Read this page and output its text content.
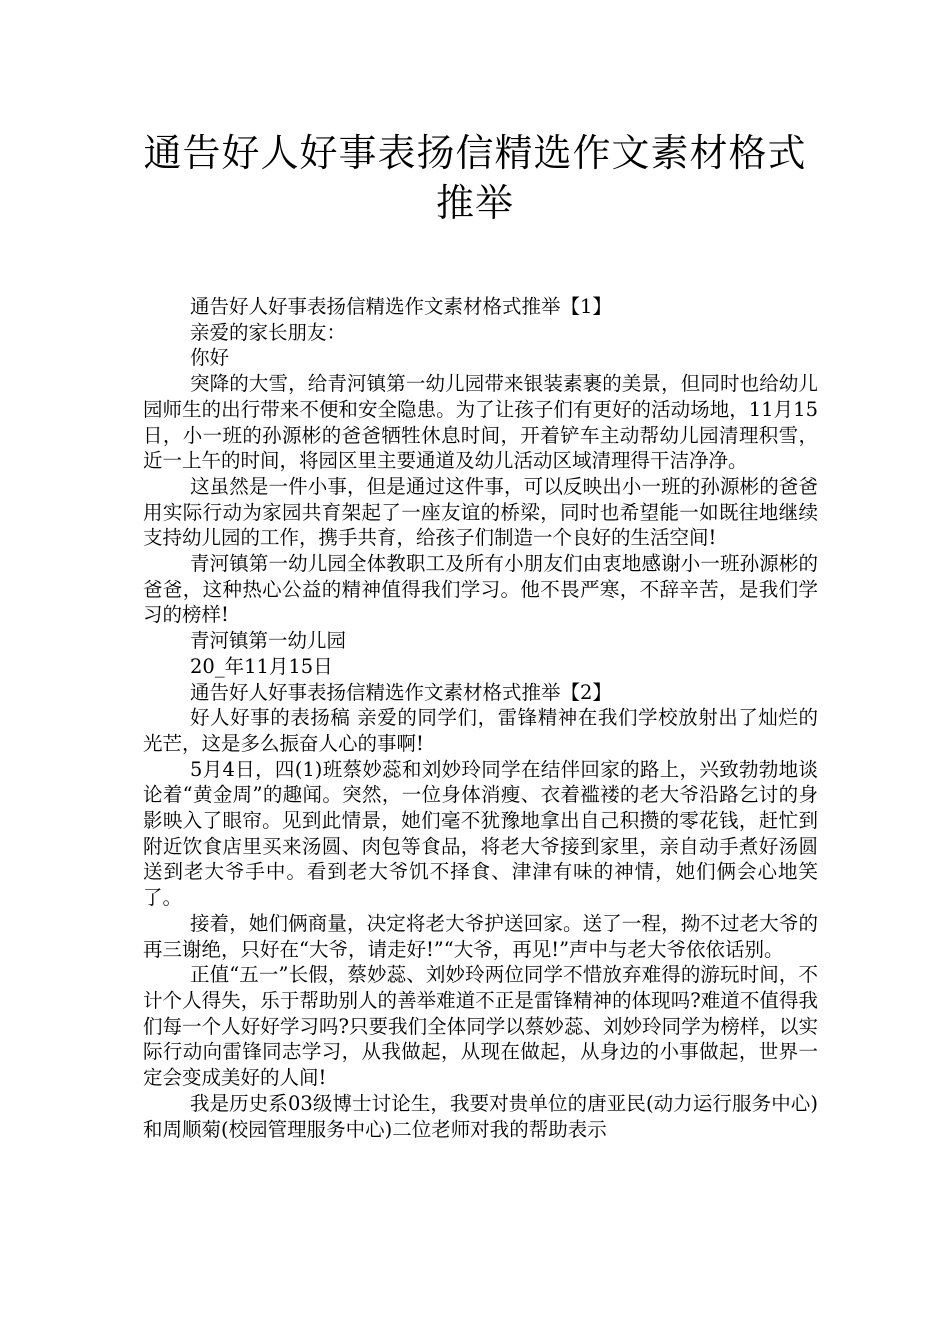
通告好人好事表扬信精选作文素材格式
推举

通告好人好事表扬信精选作文素材格式推举【1】

亲爱的家长朋友：

你好

突降的大雪，给青河镇第一幼儿园带来银装素裹的美景，但同时也给幼儿园师生的出行带来不便和安全隐患。为了让孩子们有更好的活动场地，11月15日，小一班的孙源彬的爸爸牺牲休息时间，开着铲车主动帮幼儿园清理积雪，近一上午的时间，将园区里主要通道及幼儿活动区域清理得干洁净净。

这虽然是一件小事，但是通过这件事，可以反映出小一班的孙源彬的爸爸用实际行动为家园共育架起了一座友谊的桥梁，同时也希望能一如既往地继续支持幼儿园的工作，携手共育，给孩子们制造一个良好的生活空间!

青河镇第一幼儿园全体教职工及所有小朋友们由衷地感谢小一班孙源彬的爸爸，这种热心公益的精神值得我们学习。他不畏严寒，不辞辛苦，是我们学习的榜样!

青河镇第一幼儿园

20_年11月15日

通告好人好事表扬信精选作文素材格式推举【2】

好人好事的表扬稿 亲爱的同学们，雷锋精神在我们学校放射出了灿烂的光芒，这是多么振奋人心的事啊!

5月4日，四(1)班蔡妙蕊和刘妙玲同学在结伴回家的路上，兴致勃勃地谈论着“黄金周”的趣闻。突然，一位身体消瘦、衣着褴褛的老大爷沿路乞讨的身影映入了眼帘。见到此情景，她们毫不犹豫地拿出自己积攒的零花钱，赶忙到附近饮食店里买来汤圆、肉包等食品，将老大爷接到家里，亲自动手煮好汤圆送到老大爷手中。看到老大爷饥不择食、津津有味的神情，她们俩会心地笑了。

接着，她们俩商量，决定将老大爷护送回家。送了一程，拗不过老大爷的再三谢绝，只好在“大爷，请走好!”“大爷，再见!”声中与老大爷依依话别。

正值“五一”长假，蔡妙蕊、刘妙玲两位同学不惜放弃难得的游玩时间，不计个人得失，乐于帮助别人的善举难道不正是雷锋精神的体现吗?难道不值得我们每一个人好好学习吗?只要我们全体同学以蔡妙蕊、刘妙玲同学为榜样，以实际行动向雷锋同志学习，从我做起，从现在做起，从身边的小事做起，世界一定会变成美好的人间!

我是历史系03级博士讨论生，我要对贵单位的唐亚民(动力运行服务中心)和周顺菊(校园管理服务中心)二位老师对我的帮助表示
